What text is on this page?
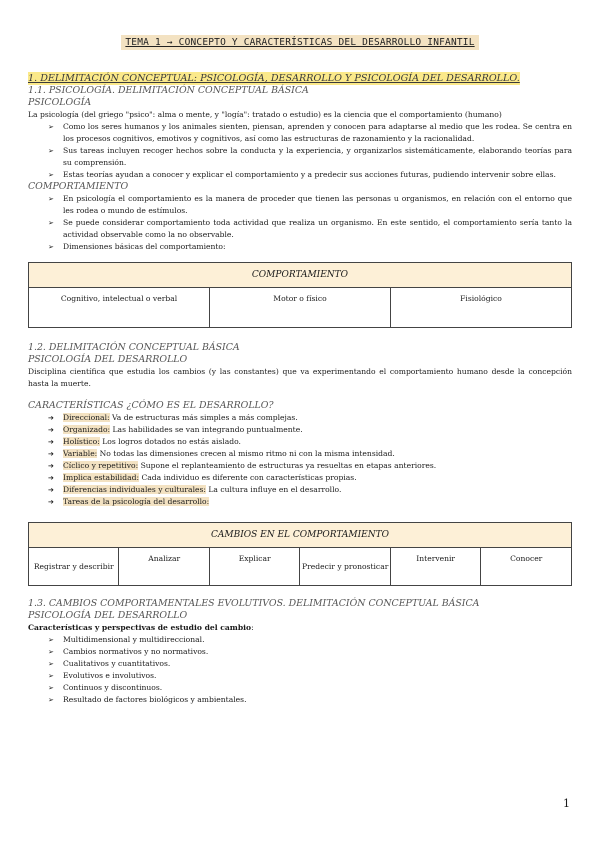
TEMA 1 → CONCEPTO Y CARACTERÍSTICAS DEL DESARROLLO INFANTIL

1. DELIMITACIÓN CONCEPTUAL: PSICOLOGÍA, DESARROLLO Y PSICOLOGÍA DEL DESARROLLO.

1.1. PSICOLOGÍA. DELIMITACIÓN CONCEPTUAL BÁSICA

PSICOLOGÍA

La psicología (del griego "psico": alma o mente, y "logía": tratado o estudio) es la ciencia que el comportamiento (humano)

➢ Como los seres humanos y los animales sienten, piensan, aprenden y conocen para adaptarse al medio que les rodea. Se centra en los procesos cognitivos, emotivos y cognitivos, así como las estructuras de razonamiento y la racionalidad.
➢ Sus tareas incluyen recoger hechos sobre la conducta y la experiencia, y organizarlos sistemáticamente, elaborando teorías para su comprensión.
➢ Estas teorías ayudan a conocer y explicar el comportamiento y a predecir sus acciones futuras, pudiendo intervenir sobre ellas.

COMPORTAMIENTO

➢ En psicología el comportamiento es la manera de proceder que tienen las personas u organismos, en relación con el entorno que les rodea o mundo de estímulos.
➢ Se puede considerar comportamiento toda actividad que realiza un organismo. En este sentido, el comportamiento sería tanto la actividad observable como la no observable.
➢ Dimensiones básicas del comportamiento:
COMPORTAMIENTO
Cognitivo, intelectual o verbal	Motor o físico	Fisiológico

1.2. DELIMITACIÓN CONCEPTUAL BÁSICA

PSICOLOGÍA DEL DESARROLLO

Disciplina científica que estudia los cambios (y las constantes) que va experimentando el comportamiento humano desde la concepción hasta la muerte.

CARACTERÍSTICAS ¿CÓMO ES EL DESARROLLO?

➔ Direccional: Va de estructuras más simples a más complejas.
➔ Organizado: Las habilidades se van integrando puntualmente.
➔ Holístico: Los logros dotados no estás aislado.
➔ Variable: No todas las dimensiones crecen al mismo ritmo ni con la misma intensidad.
➔ Cíclico y repetitivo: Supone el replanteamiento de estructuras ya resueltas en etapas anteriores.
➔ Implica estabilidad: Cada individuo es diferente con características propias.
➔ Diferencias individuales y culturales: La cultura influye en el desarrollo.
➔ Tareas de la psicología del desarrollo:
CAMBIOS EN EL COMPORTAMIENTO
Registrar y describir	Analizar	Explicar	Predecir y pronosticar	Intervenir	Conocer

1.3. CAMBIOS COMPORTAMENTALES EVOLUTIVOS. DELIMITACIÓN CONCEPTUAL BÁSICA

PSICOLOGÍA DEL DESARROLLO

Características y perspectivas de estudio del cambio:

➢ Multidimensional y multidireccional.
➢ Cambios normativos y no normativos.
➢ Cualitativos y cuantitativos.
➢ Evolutivos e involutivos.
➢ Continuos y discontinuos.
➢ Resultado de factores biológicos y ambientales.
1
